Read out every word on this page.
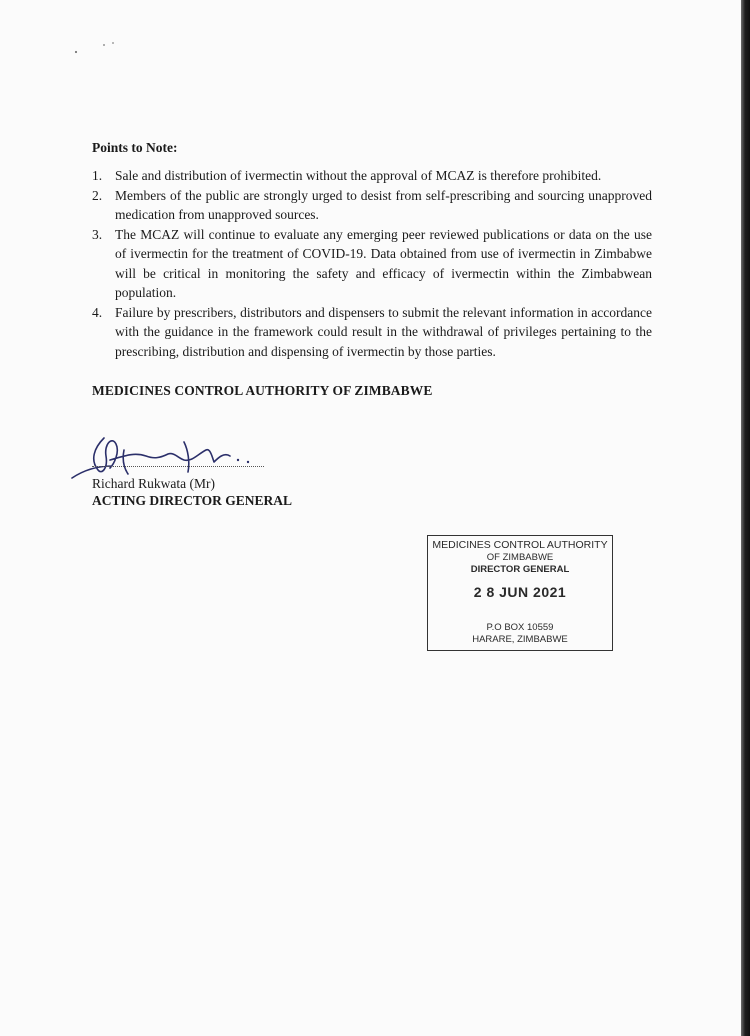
Points to Note:
1. Sale and distribution of ivermectin without the approval of MCAZ is therefore prohibited.
2. Members of the public are strongly urged to desist from self-prescribing and sourcing unapproved medication from unapproved sources.
3. The MCAZ will continue to evaluate any emerging peer reviewed publications or data on the use of ivermectin for the treatment of COVID-19. Data obtained from use of ivermectin in Zimbabwe will be critical in monitoring the safety and efficacy of ivermectin within the Zimbabwean population.
4. Failure by prescribers, distributors and dispensers to submit the relevant information in accordance with the guidance in the framework could result in the withdrawal of privileges pertaining to the prescribing, distribution and dispensing of ivermectin by those parties.
MEDICINES CONTROL AUTHORITY OF ZIMBABWE
Richard Rukwata (Mr)
ACTING DIRECTOR GENERAL
MEDICINES CONTROL AUTHORITY
OF ZIMBABWE
DIRECTOR GENERAL
2 8 JUN 2021
P.O BOX 10559
HARARE, ZIMBABWE
